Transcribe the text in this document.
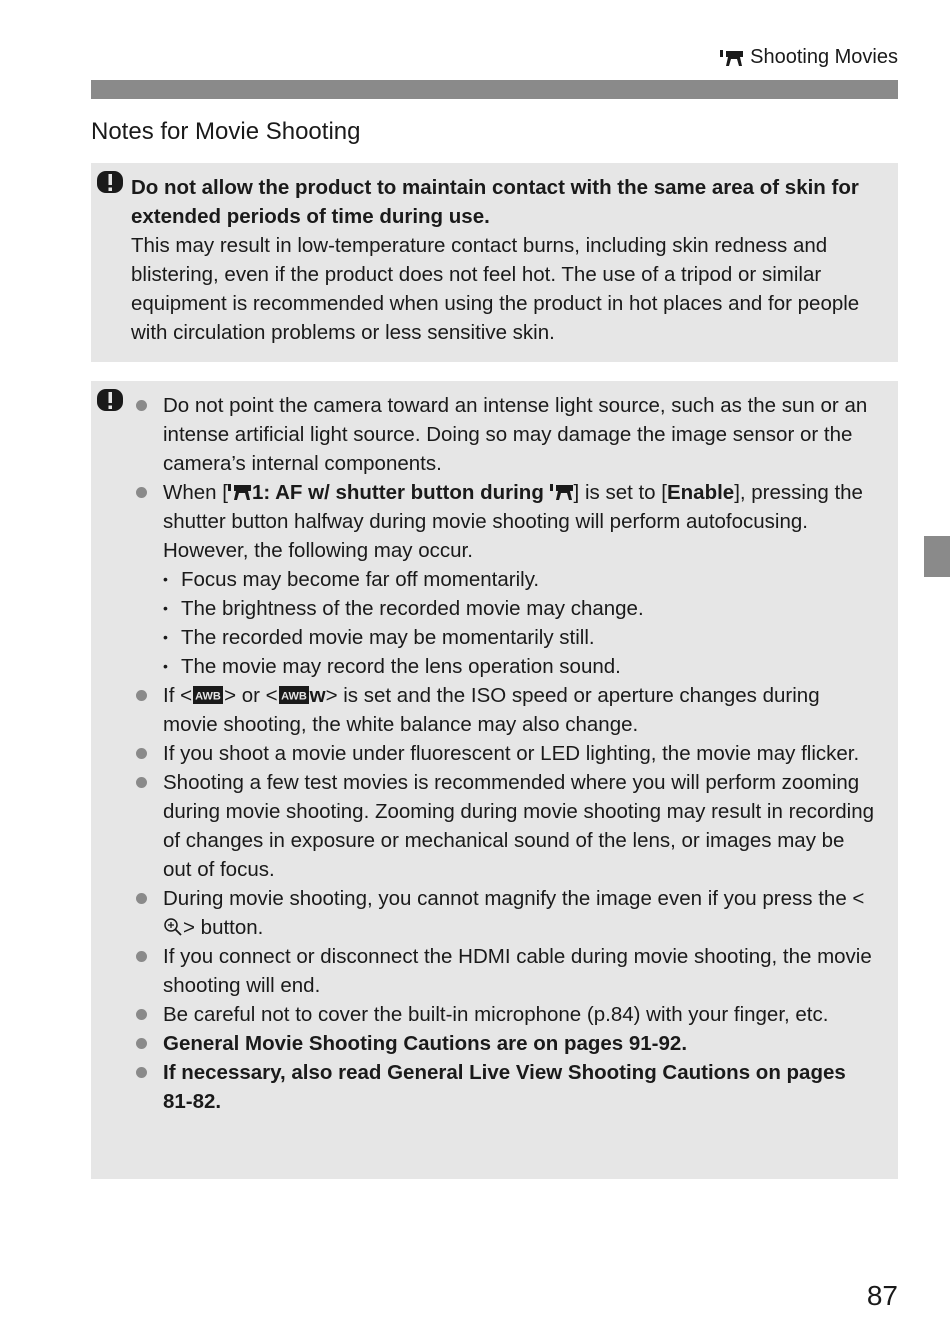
Shooting Movies
Notes for Movie Shooting

Do not allow the product to maintain contact with the same area of skin for extended periods of time during use.

This may result in low-temperature contact burns, including skin redness and blistering, even if the product does not feel hot. The use of a tripod or similar equipment is recommended when using the product in hot places and for people with circulation problems or less sensitive skin.

Do not point the camera toward an intense light source, such as the sun or an intense artificial light source. Doing so may damage the image sensor or the camera’s internal components.
When [ 1: AF w/ shutter button during ] is set to [Enable], pressing the shutter button halfway during movie shooting will perform autofocusing. However, the following may occur.
• Focus may become far off momentarily.
• The brightness of the recorded movie may change.
• The recorded movie may be momentarily still.
• The movie may record the lens operation sound.
If < AWB > or < AWB w> is set and the ISO speed or aperture changes during movie shooting, the white balance may also change.
If you shoot a movie under fluorescent or LED lighting, the movie may flicker.
Shooting a few test movies is recommended where you will perform zooming during movie shooting. Zooming during movie shooting may result in recording of changes in exposure or mechanical sound of the lens, or images may be out of focus.
During movie shooting, you cannot magnify the image even if you press the <> button.
If you connect or disconnect the HDMI cable during movie shooting, the movie shooting will end.
Be careful not to cover the built-in microphone (p.84) with your finger, etc.
General Movie Shooting Cautions are on pages 91-92.
If necessary, also read General Live View Shooting Cautions on pages 81-82.
87
